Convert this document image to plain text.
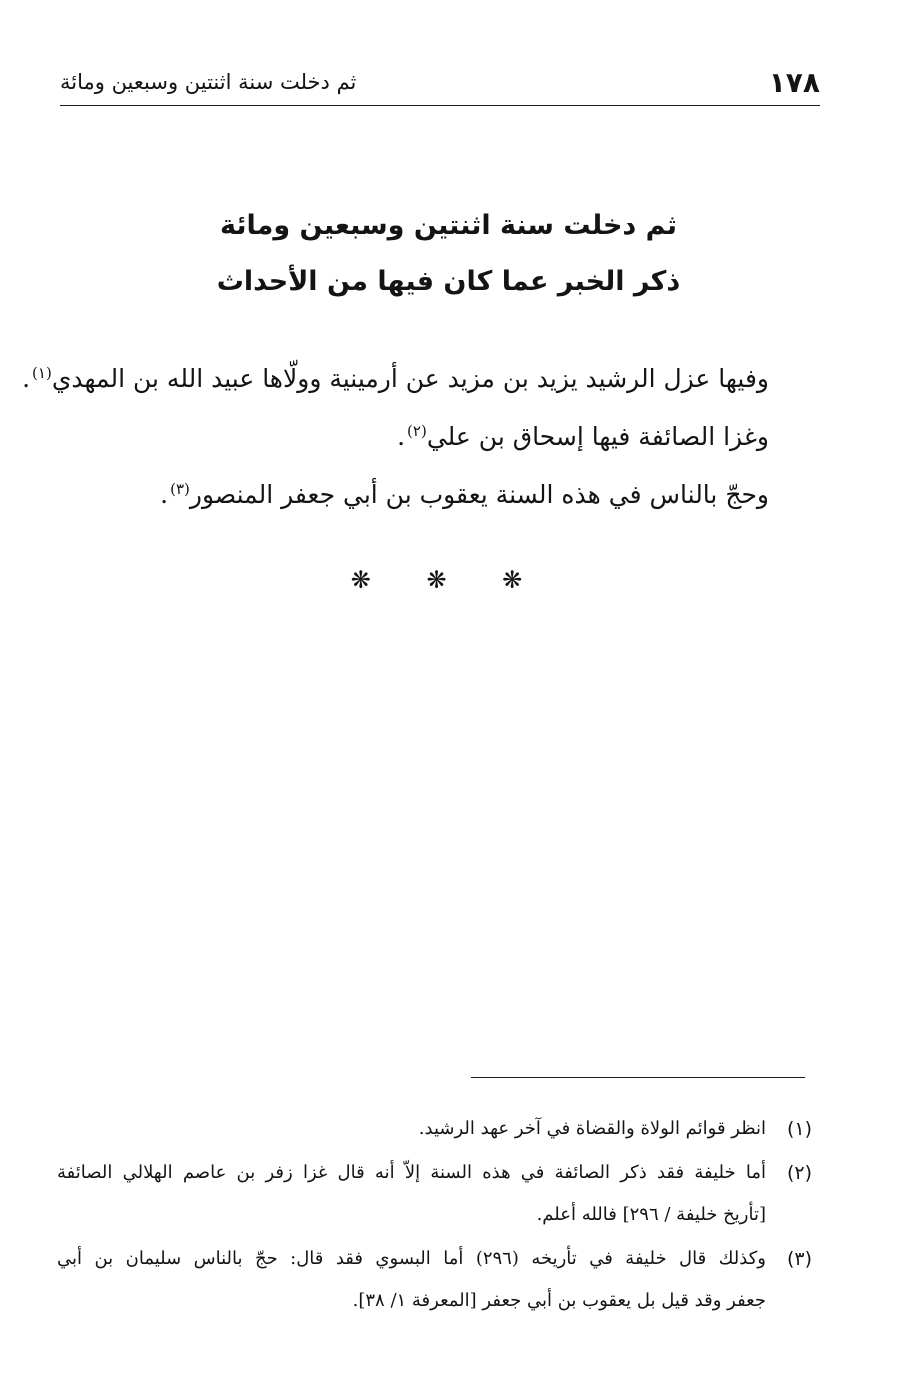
١٧٨
ثم دخلت سنة اثنتين وسبعين ومائة
ثم دخلت سنة اثنتين وسبعين ومائة
ذكر الخبر عما كان فيها من الأحداث

وفيها عزل الرشيد يزيد بن مزيد عن أرمينية وولّاها عبيد الله بن المهدي$^{(١)}$.

وغزا الصائفة فيها إسحاق بن علي$^{(٢)}$.

وحجّ بالناس في هذه السنة يعقوب بن أبي جعفر المنصور$^{(٣)}$.

❋ ❋ ❋
(١)
انظر قوائم الولاة والقضاة في آخر عهد الرشيد.
(٢)
أما خليفة فقد ذكر الصائفة في هذه السنة إلاّ أنه قال غزا زفر بن عاصم الهلالي الصائفة
[تأريخ خليفة / ٢٩٦] فالله أعلم.
(٣)
وكذلك قال خليفة في تأريخه (٢٩٦) أما البسوي فقد قال: حجّ بالناس سليمان بن أبي
جعفر وقد قيل بل يعقوب بن أبي جعفر [المعرفة ١/ ٣٨].
